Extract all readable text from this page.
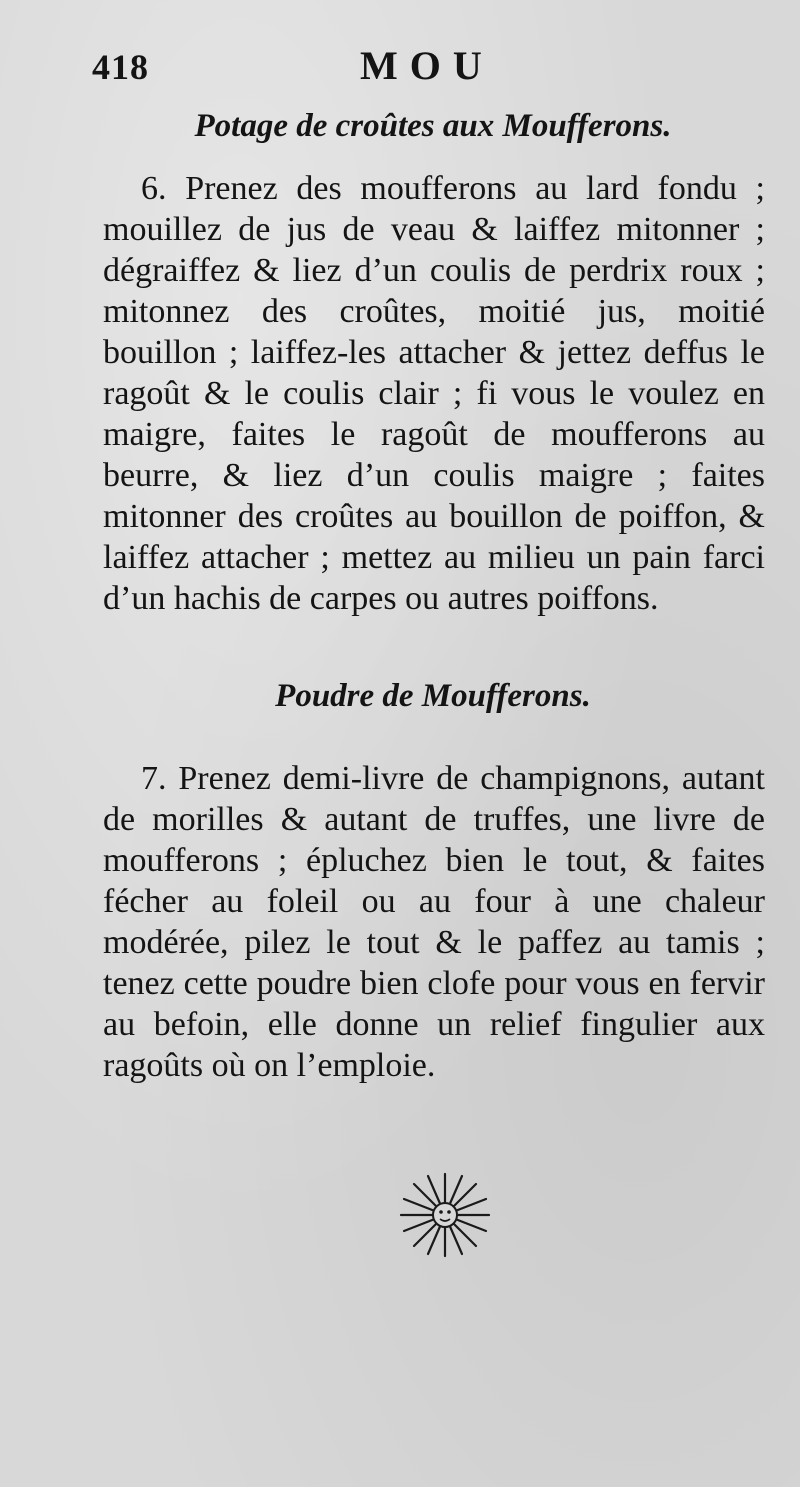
418	MOU
Potage de croûtes aux Moufferons.

6. Prenez des moufferons au lard fondu ; mouillez de jus de veau & laiffez mitonner ; dégraiffez & liez d’un coulis de perdrix roux ; mitonnez des croûtes, moitié jus, moitié bouillon ; laiffez-les attacher & jettez deffus le ragoût & le coulis clair ; fi vous le voulez en maigre, faites le ragoût de moufferons au beurre, & liez d’un coulis maigre ; faites mitonner des croûtes au bouillon de poiffon, & laiffez attacher ; mettez au milieu un pain farci d’un hachis de carpes ou autres poiffons.

Poudre de Moufferons.

7. Prenez demi-livre de champignons, autant de morilles & autant de truffes, une livre de moufferons ; épluchez bien le tout, & faites fécher au foleil ou au four à une chaleur modérée, pilez le tout & le paffez au tamis ; tenez cette poudre bien clofe pour vous en fervir au befoin, elle donne un relief fingulier aux ragoûts où on l’emploie.
